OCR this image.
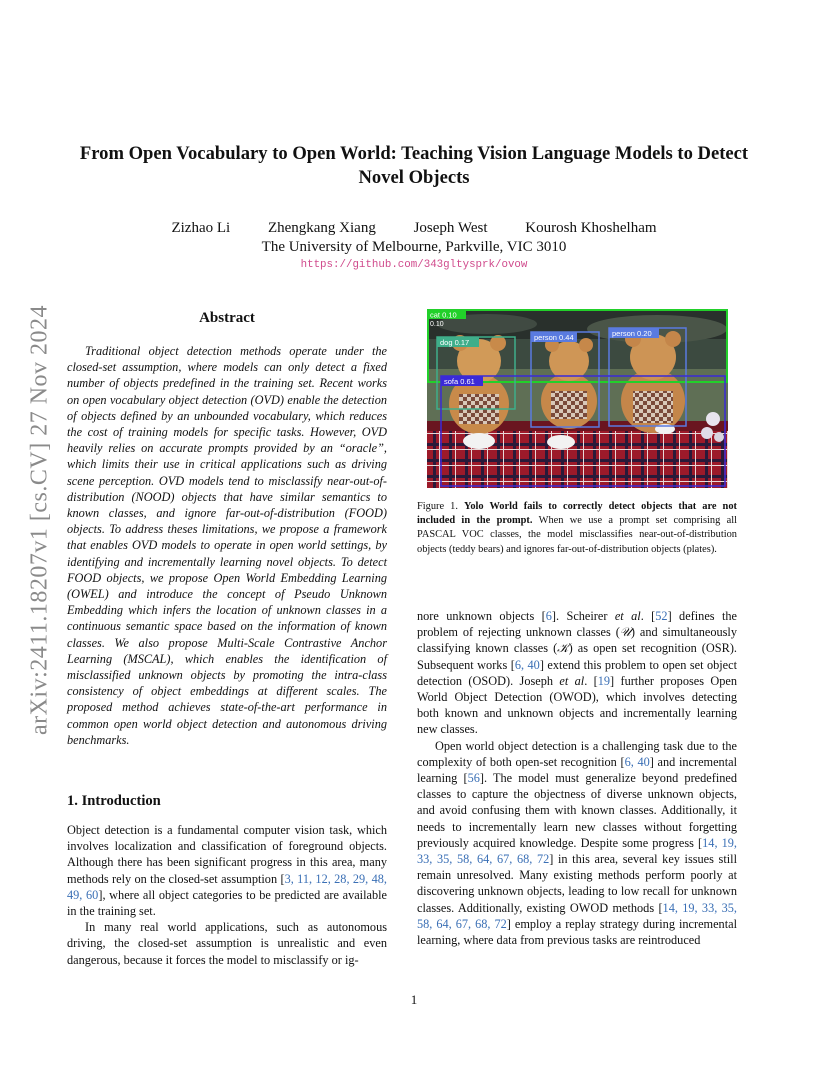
arXiv:2411.18207v1 [cs.CV] 27 Nov 2024
From Open Vocabulary to Open World: Teaching Vision Language Models to Detect Novel Objects
Zizhao Li	Zhengkang Xiang	Joseph West	Kourosh Khoshelham
The University of Melbourne, Parkville, VIC 3010
https://github.com/343gltysprk/ovow
Abstract
Traditional object detection methods operate under the closed-set assumption, where models can only detect a fixed number of objects predefined in the training set. Recent works on open vocabulary object detection (OVD) enable the detection of objects defined by an unbounded vocabulary, which reduces the cost of training models for specific tasks. However, OVD heavily relies on accurate prompts provided by an “oracle”, which limits their use in critical applications such as driving scene perception. OVD models tend to misclassify near-out-of-distribution (NOOD) objects that have similar semantics to known classes, and ignore far-out-of-distribution (FOOD) objects. To address theses limitations, we propose a framework that enables OVD models to operate in open world settings, by identifying and incrementally learning novel objects. To detect FOOD objects, we propose Open World Embedding Learning (OWEL) and introduce the concept of Pseudo Unknown Embedding which infers the location of unknown classes in a continuous semantic space based on the information of known classes. We also propose Multi-Scale Contrastive Anchor Learning (MSCAL), which enables the identification of misclassified unknown objects by promoting the intra-class consistency of object embeddings at different scales. The proposed method achieves state-of-the-art performance in common open world object detection and autonomous driving benchmarks.
1. Introduction

Object detection is a fundamental computer vision task, which involves localization and classification of foreground objects. Although there has been significant progress in this area, many methods rely on the closed-set assumption [3, 11, 12, 28, 29, 48, 49, 60], where all object categories to be predicted are available in the training set.

In many real world applications, such as autonomous driving, the closed-set assumption is unrealistic and even dangerous, because it forces the model to misclassify or ig-

cat 0.10
0.10
dog 0.17
person 0.44	person 0.20
sofa 0.61
Figure 1. Yolo World fails to correctly detect objects that are not included in the prompt. When we use a prompt set comprising all PASCAL VOC classes, the model misclassifies near-out-of-distribution objects (teddy bears) and ignores far-out-of-distribution objects (plates).

nore unknown objects [6]. Scheirer et al. [52] defines the problem of rejecting unknown classes (𝒰) and simultaneously classifying known classes (𝒦) as open set recognition (OSR). Subsequent works [6, 40] extend this problem to open set object detection (OSOD). Joseph et al. [19] further proposes Open World Object Detection (OWOD), which involves detecting both known and unknown objects and incrementally learning new classes.

Open world object detection is a challenging task due to the complexity of both open-set recognition [6, 40] and incremental learning [56]. The model must generalize beyond predefined classes to capture the objectness of diverse unknown objects, and avoid confusing them with known classes. Additionally, it needs to incrementally learn new classes without forgetting previously acquired knowledge. Despite some progress [14, 19, 33, 35, 58, 64, 67, 68, 72] in this area, several key issues still remain unresolved. Many existing methods perform poorly at discovering unknown objects, leading to low recall for unknown classes. Additionally, existing OWOD methods [14, 19, 33, 35, 58, 64, 67, 68, 72] employ a replay strategy during incremental learning, where data from previous tasks are reintroduced

1
